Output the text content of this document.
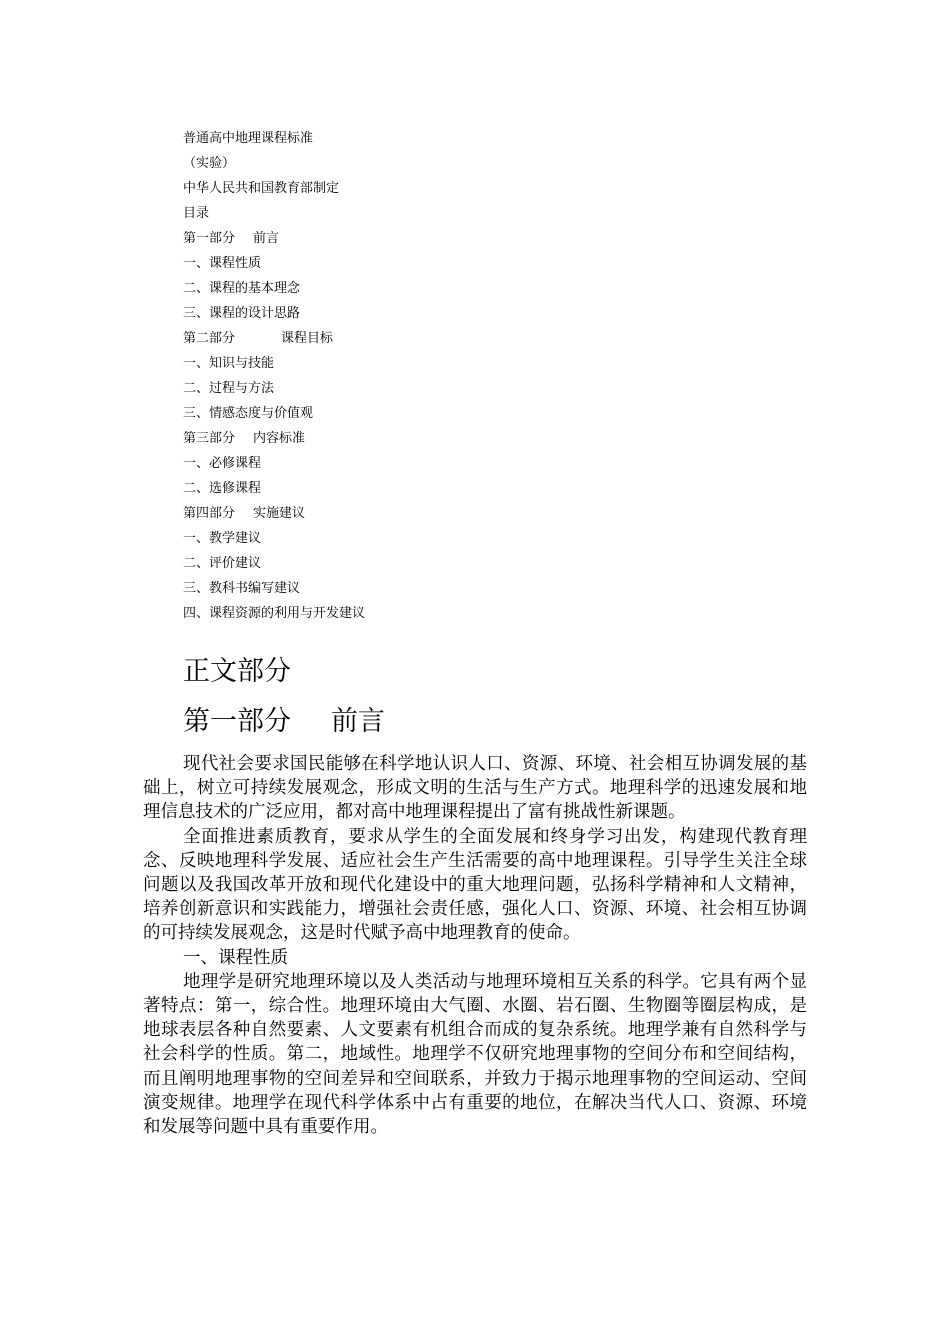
普通高中地理课程标准
（实验）
中华人民共和国教育部制定
目录
第一部分 前言
一、课程性质
二、课程的基本理念
三、课程的设计思路
第二部分	课程目标
一、知识与技能
二、过程与方法
三、情感态度与价值观
第三部分 内容标准
一、必修课程
二、选修课程
第四部分 实施建议
一、教学建议
二、评价建议
三、教科书编写建议
四、课程资源的利用与开发建议
正文部分
第一部分 前言

现代社会要求国民能够在科学地认识人口、资源、环境、社会相互协调发展的基础上，树立可持续发展观念，形成文明的生活与生产方式。地理科学的迅速发展和地理信息技术的广泛应用，都对高中地理课程提出了富有挑战性新课题。

全面推进素质教育，要求从学生的全面发展和终身学习出发，构建现代教育理念、反映地理科学发展、适应社会生产生活需要的高中地理课程。引导学生关注全球问题以及我国改革开放和现代化建设中的重大地理问题，弘扬科学精神和人文精神，培养创新意识和实践能力，增强社会责任感，强化人口、资源、环境、社会相互协调的可持续发展观念，这是时代赋予高中地理教育的使命。

一、课程性质

地理学是研究地理环境以及人类活动与地理环境相互关系的科学。它具有两个显著特点：第一，综合性。地理环境由大气圈、水圈、岩石圈、生物圈等圈层构成，是地球表层各种自然要素、人文要素有机组合而成的复杂系统。地理学兼有自然科学与社会科学的性质。第二，地域性。地理学不仅研究地理事物的空间分布和空间结构，而且阐明地理事物的空间差异和空间联系，并致力于揭示地理事物的空间运动、空间演变规律。地理学在现代科学体系中占有重要的地位，在解决当代人口、资源、环境和发展等问题中具有重要作用。
